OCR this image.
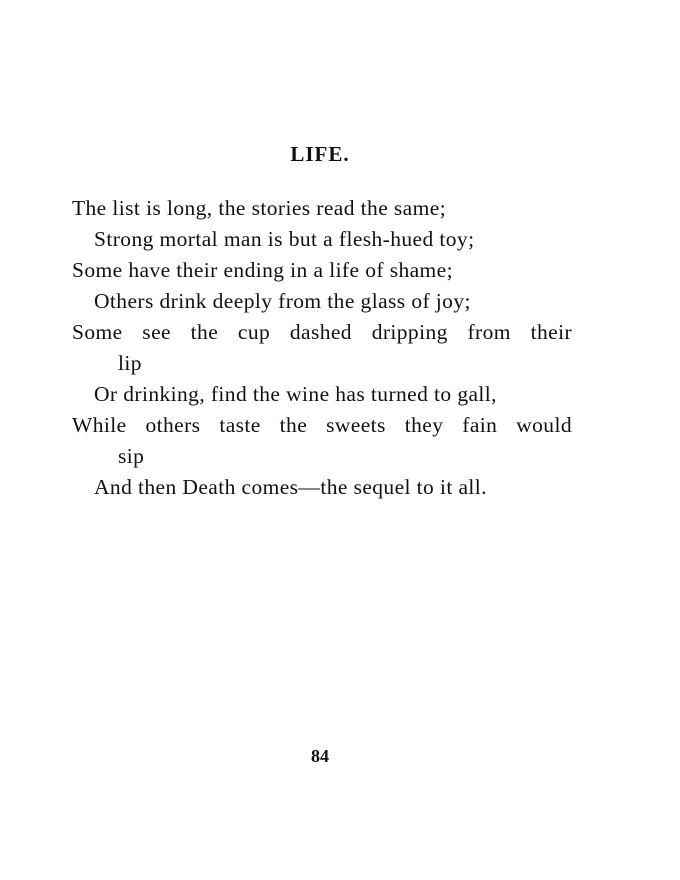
LIFE.
The list is long, the stories read the same;
Strong mortal man is but a flesh-hued toy;
Some have their ending in a life of shame;
Others drink deeply from the glass of joy;
Some see the cup dashed dripping from their
lip
Or drinking, find the wine has turned to gall,
While others taste the sweets they fain would
sip
And then Death comes—the sequel to it all.
84
